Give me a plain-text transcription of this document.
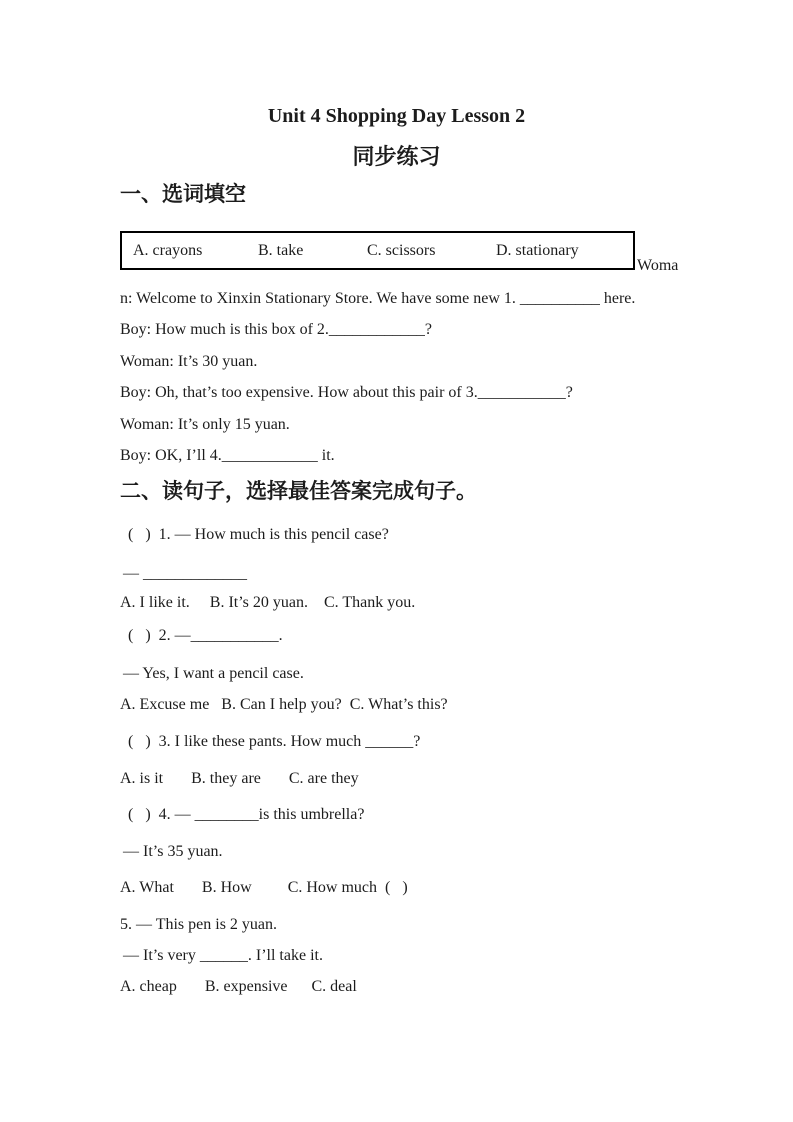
Unit 4 Shopping Day Lesson 2
同步练习
一、选词填空
A. crayons	B. take	C. scissors	D. stationary

n: Welcome to Xinxin Stationary Store. We have some new 1. __________ here.

Boy: How much is this box of 2.____________?

Woman: It’s 30 yuan.

Boy: Oh, that’s too expensive. How about this pair of 3.___________?

Woman: It’s only 15 yuan.

Boy: OK, I’ll 4.____________ it.

二、读句子，选择最佳答案完成句子。
(   )  1. — How much is this pencil case?
— _____________
A. I like it.     B. It’s 20 yuan.    C. Thank you.
(   )  2. —___________.
— Yes, I want a pencil case.
A. Excuse me   B. Can I help you?  C. What’s this?
(   )  3. I like these pants. How much ______?
A. is it       B. they are       C. are they
(   )  4. — ________is this umbrella?
— It’s 35 yuan.
A. What       B. How         C. How much  (   )
5. — This pen is 2 yuan.
— It’s very ______. I’ll take it.
A. cheap       B. expensive      C. deal
Woma
